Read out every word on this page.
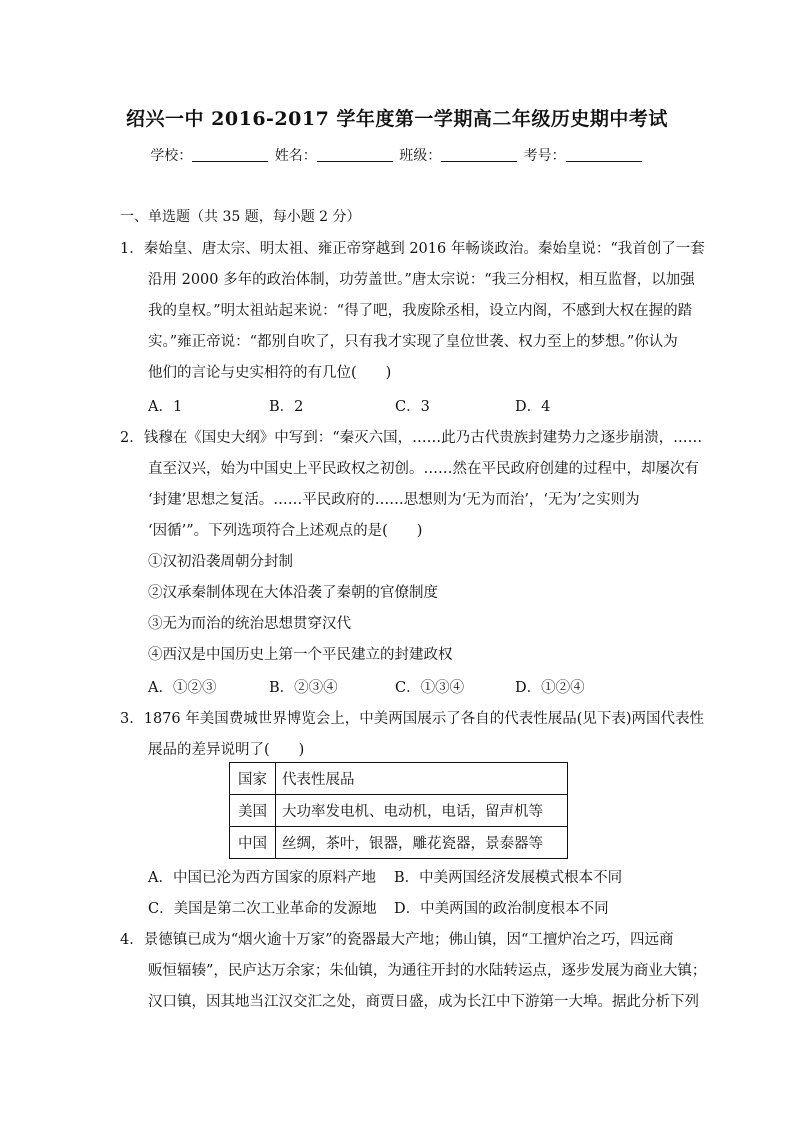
绍兴一中 2016-2017 学年度第一学期高二年级历史期中考试
学校：	姓名：	班级：	考号：
一、单选题（共 35 题，每小题 2 分）
1．秦始皇、唐太宗、明太祖、雍正帝穿越到 2016 年畅谈政治。秦始皇说：“我首创了一套
沿用 2000 多年的政治体制，功劳盖世。”唐太宗说：“我三分相权，相互监督，以加强
我的皇权。”明太祖站起来说：“得了吧，我废除丞相，设立内阁，不感到大权在握的踏
实。”雍正帝说：“都别自吹了，只有我才实现了皇位世袭、权力至上的梦想。”你认为
他们的言论与史实相符的有几位(　　)
A．1	B．2	C．3	D．4
2．钱穆在《国史大纲》中写到：“秦灭六国，……此乃古代贵族封建势力之逐步崩溃，……
直至汉兴，始为中国史上平民政权之初创。……然在平民政府创建的过程中，却屡次有
‘封建’思想之复活。……平民政府的……思想则为‘无为而治’，‘无为’之实则为
‘因循’”。下列选项符合上述观点的是(　　)
①汉初沿袭周朝分封制
②汉承秦制体现在大体沿袭了秦朝的官僚制度
③无为而治的统治思想贯穿汉代
④西汉是中国历史上第一个平民建立的封建政权
A．①②③	B．②③④	C．①③④	D．①②④
3．1876 年美国费城世界博览会上，中美两国展示了各自的代表性展品(见下表)两国代表性
展品的差异说明了(　　)
国家	代表性展品
美国	大功率发电机、电动机，电话，留声机等
中国	丝绸，茶叶，银器，雕花瓷器，景泰器等
A．中国已沦为西方国家的原料产地 B．中美两国经济发展模式根本不同
C．美国是第二次工业革命的发源地 D．中美两国的政治制度根本不同
4．景德镇已成为“烟火逾十万家”的瓷器最大产地；佛山镇，因“工擅炉冶之巧，四远商
贩恒辐辏”，民庐达万余家；朱仙镇，为通往开封的水陆转运点，逐步发展为商业大镇；
汉口镇，因其地当江汉交汇之处，商贾日盛，成为长江中下游第一大埠。据此分析下列
